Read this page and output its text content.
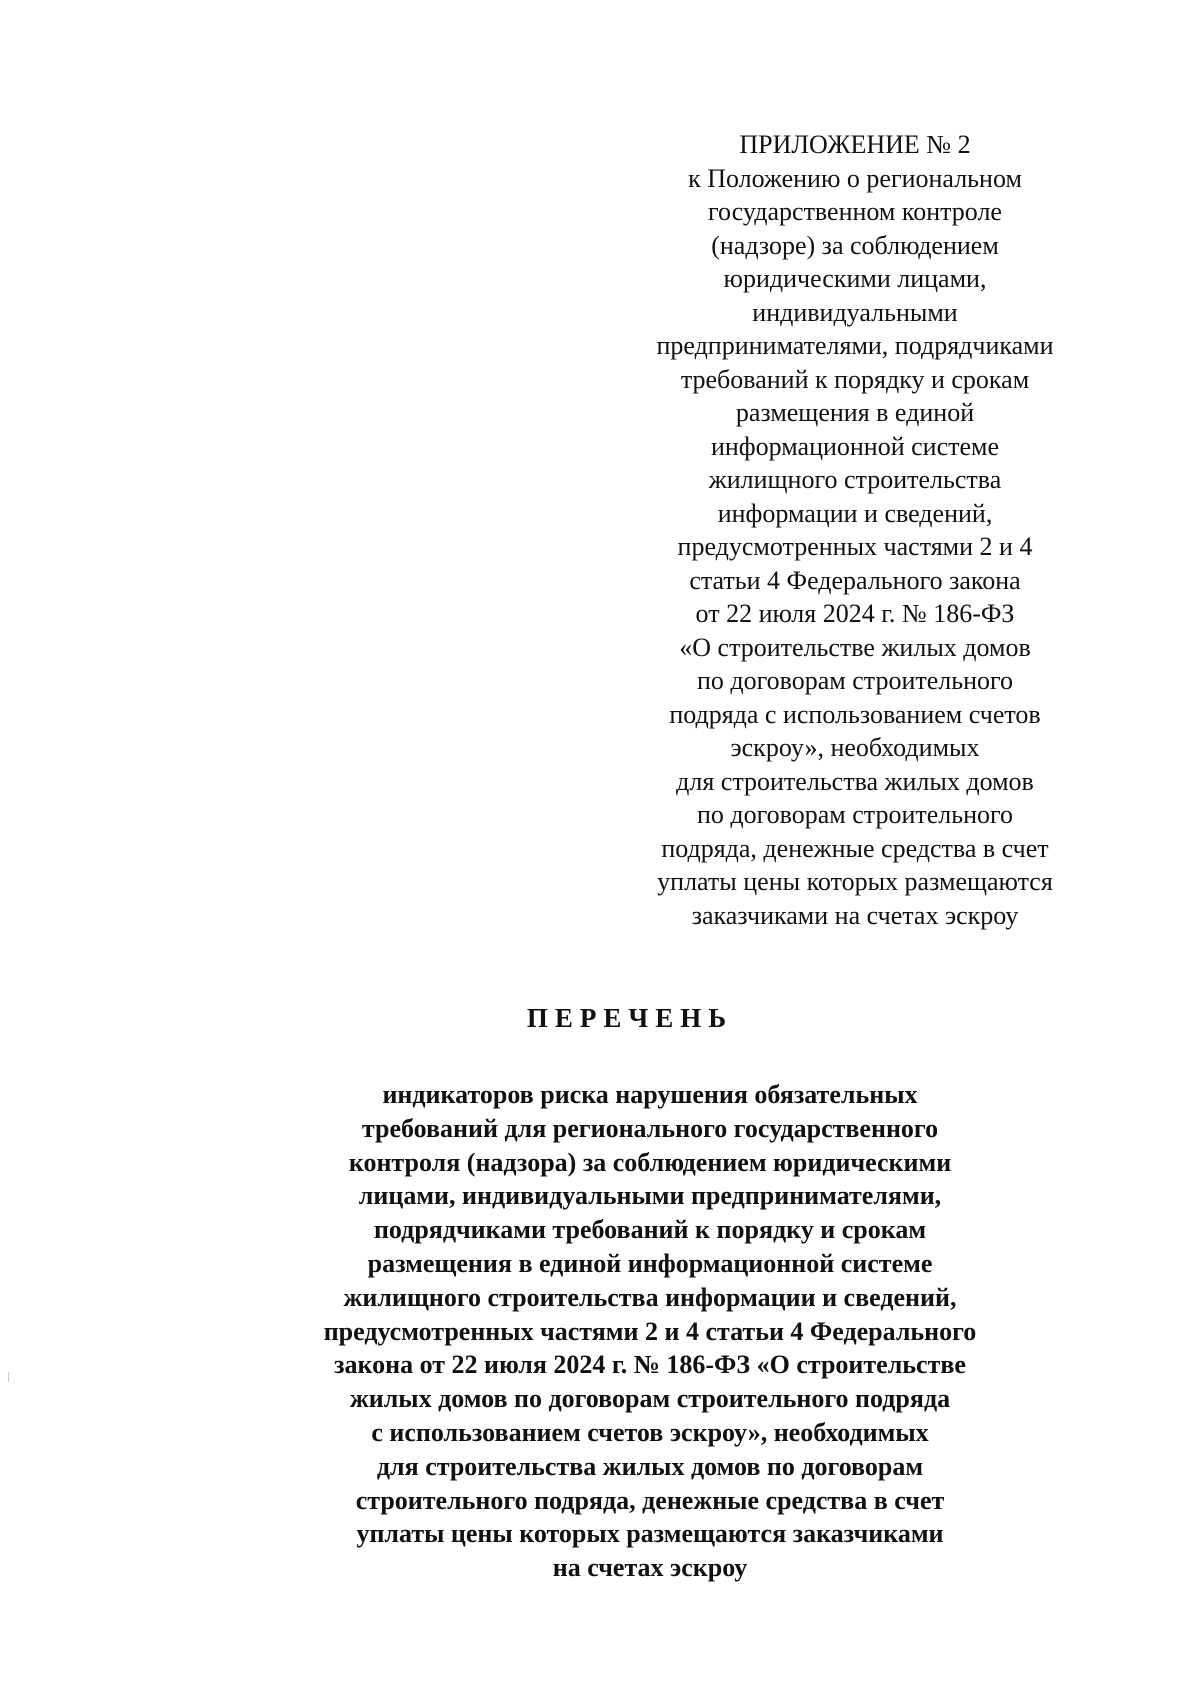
ПРИЛОЖЕНИЕ № 2
к Положению о региональном
государственном контроле
(надзоре) за соблюдением
юридическими лицами,
индивидуальными
предпринимателями, подрядчиками
требований к порядку и срокам
размещения в единой
информационной системе
жилищного строительства
информации и сведений,
предусмотренных частями 2 и 4
статьи 4 Федерального закона
от 22 июля 2024 г. № 186-ФЗ
«О строительстве жилых домов
по договорам строительного
подряда с использованием счетов
эскроу», необходимых
для строительства жилых домов
по договорам строительного
подряда, денежные средства в счет
уплаты цены которых размещаются
заказчиками на счетах эскроу
ПЕРЕЧЕНЬ
индикаторов риска нарушения обязательных
требований для регионального государственного
контроля (надзора) за соблюдением юридическими
лицами, индивидуальными предпринимателями,
подрядчиками требований к порядку и срокам
размещения в единой информационной системе
жилищного строительства информации и сведений,
предусмотренных частями 2 и 4 статьи 4 Федерального
закона от 22 июля 2024 г. № 186-ФЗ «О строительстве
жилых домов по договорам строительного подряда
с использованием счетов эскроу», необходимых
для строительства жилых домов по договорам
строительного подряда, денежные средства в счет
уплаты цены которых размещаются заказчиками
на счетах эскроу
